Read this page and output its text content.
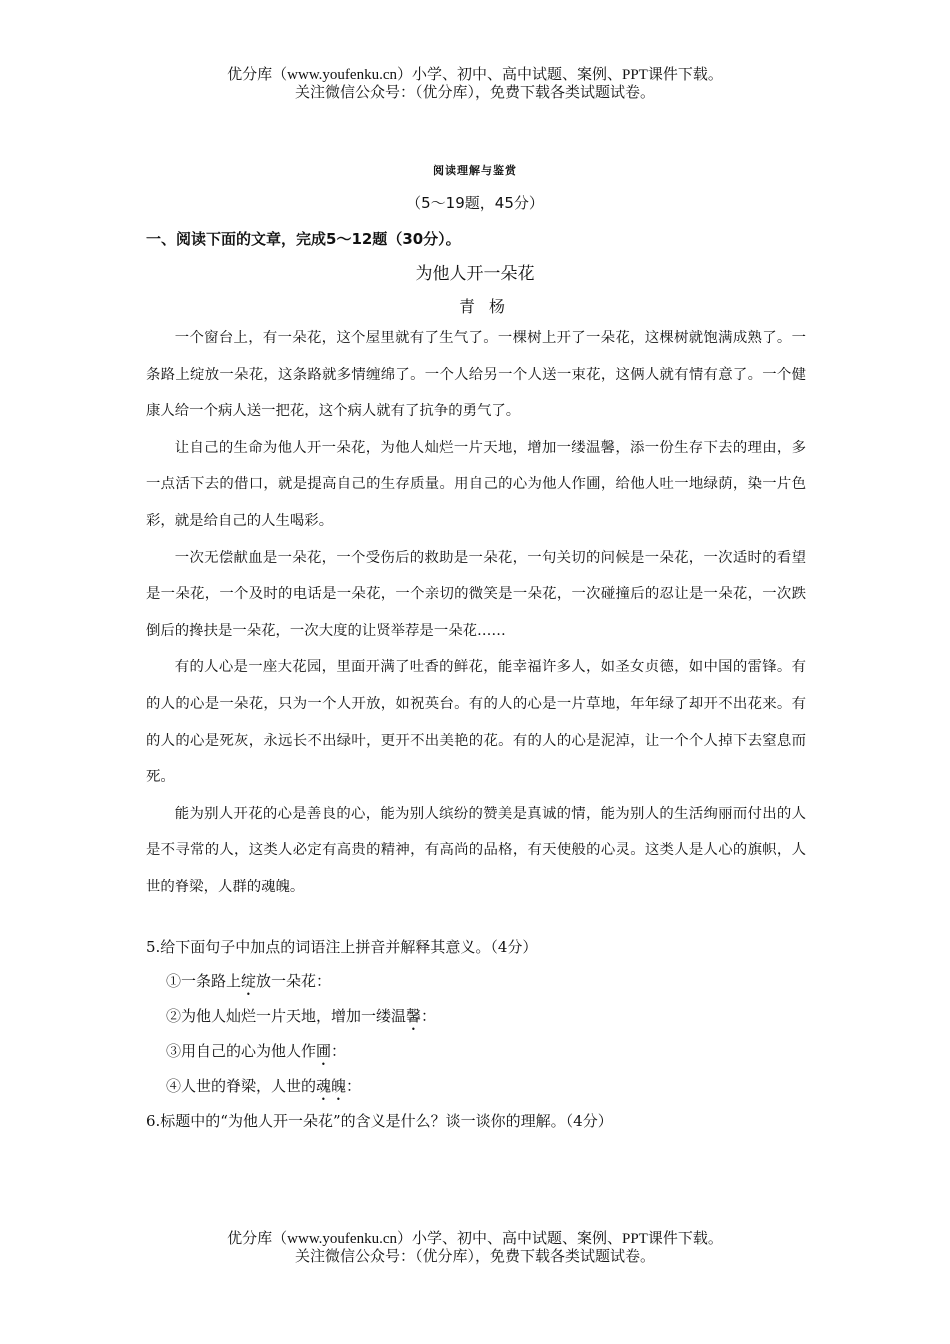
优分库（www.youfenku.cn）小学、初中、高中试题、案例、PPT课件下载。
关注微信公众号：（优分库），免费下载各类试题试卷。
阅读理解与鉴赏
（5～19题，45分）
一、阅读下面的文章，完成5～12题（30分）。
为他人开一朵花
青杨

一个窗台上，有一朵花，这个屋里就有了生气了。一棵树上开了一朵花，这棵树就饱满成熟了。一条路上绽放一朵花，这条路就多情缠绵了。一个人给另一个人送一束花，这俩人就有情有意了。一个健康人给一个病人送一把花，这个病人就有了抗争的勇气了。

让自己的生命为他人开一朵花，为他人灿烂一片天地，增加一缕温馨，添一份生存下去的理由，多一点活下去的借口，就是提高自己的生存质量。用自己的心为他人作圃，给他人吐一地绿荫，染一片色彩，就是给自己的人生喝彩。

一次无偿献血是一朵花，一个受伤后的救助是一朵花，一句关切的问候是一朵花，一次适时的看望是一朵花，一个及时的电话是一朵花，一个亲切的微笑是一朵花，一次碰撞后的忍让是一朵花，一次跌倒后的搀扶是一朵花，一次大度的让贤举荐是一朵花……

有的人心是一座大花园，里面开满了吐香的鲜花，能幸福许多人，如圣女贞德，如中国的雷锋。有的人的心是一朵花，只为一个人开放，如祝英台。有的人的心是一片草地，年年绿了却开不出花来。有的人的心是死灰，永远长不出绿叶，更开不出美艳的花。有的人的心是泥淖，让一个个人掉下去窒息而死。

能为别人开花的心是善良的心，能为别人缤纷的赞美是真诚的情，能为别人的生活绚丽而付出的人是不寻常的人，这类人必定有高贵的精神，有高尚的品格，有天使般的心灵。这类人是人心的旗帜，人世的脊梁，人群的魂魄。

5.给下面句子中加点的词语注上拼音并解释其意义。（4分）
①一条路上绽放一朵花：
②为他人灿烂一片天地，增加一缕温馨：
③用自己的心为他人作圃：
④人世的脊梁，人世的魂魄：
6.标题中的“为他人开一朵花”的含义是什么？谈一谈你的理解。（4分）
优分库（www.youfenku.cn）小学、初中、高中试题、案例、PPT课件下载。
关注微信公众号：（优分库），免费下载各类试题试卷。
